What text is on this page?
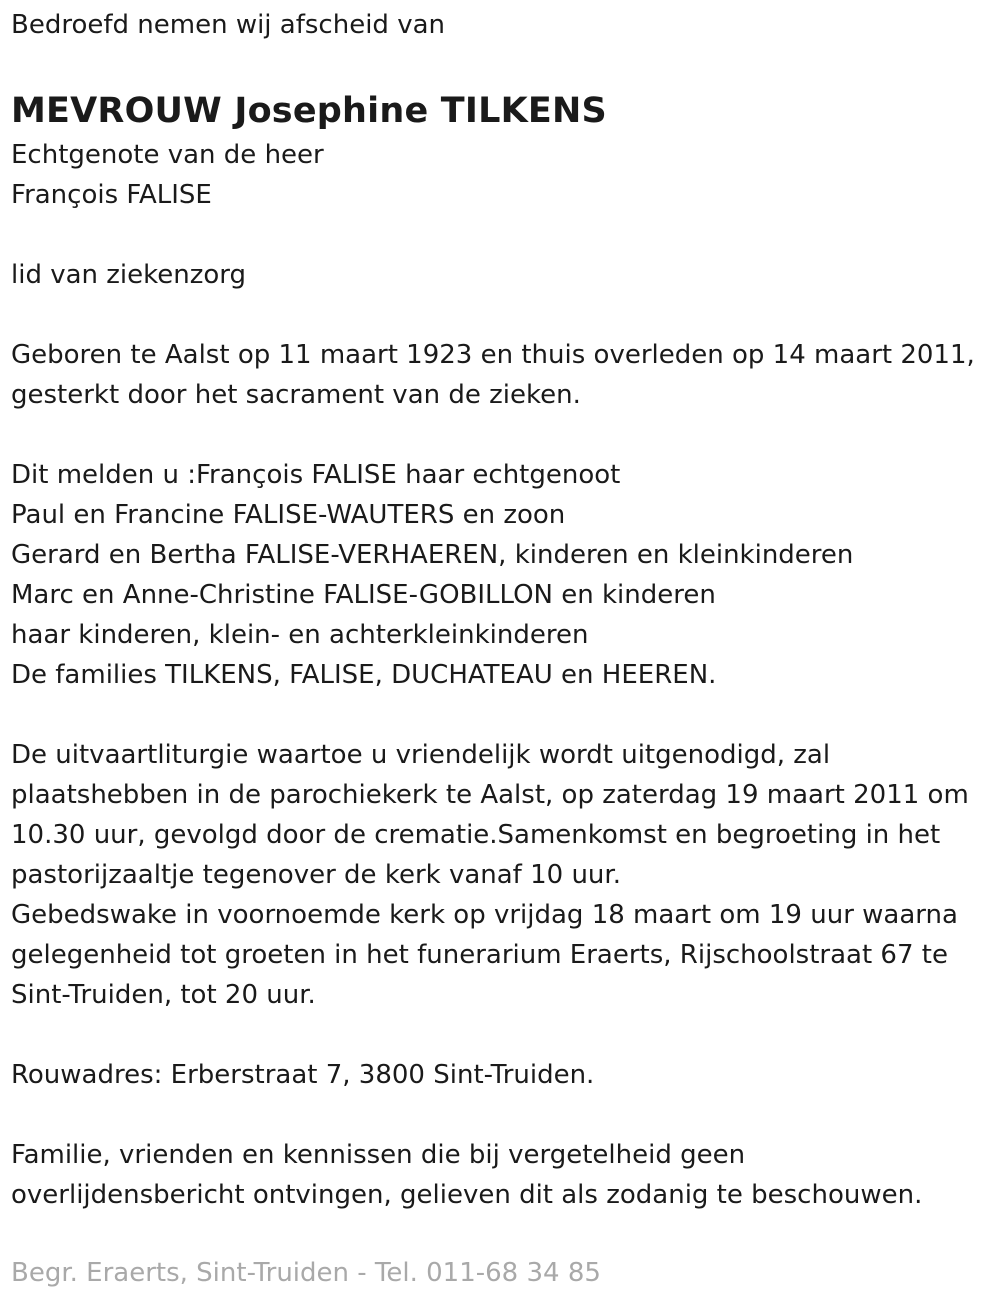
Bedroefd nemen wij afscheid van
MEVROUW Josephine TILKENS
Echtgenote van de heer
François FALISE
lid van ziekenzorg
Geboren te Aalst op 11 maart 1923 en thuis overleden op 14 maart 2011,
gesterkt door het sacrament van de zieken.
Dit melden u :François FALISE haar echtgenoot
Paul en Francine FALISE-WAUTERS en zoon
Gerard en Bertha FALISE-VERHAEREN, kinderen en kleinkinderen
Marc en Anne-Christine FALISE-GOBILLON en kinderen
haar kinderen, klein- en achterkleinkinderen
De families TILKENS, FALISE, DUCHATEAU en HEEREN.
De uitvaartliturgie waartoe u vriendelijk wordt uitgenodigd, zal
plaatshebben in de parochiekerk te Aalst, op zaterdag 19 maart 2011 om
10.30 uur, gevolgd door de crematie.Samenkomst en begroeting in het
pastorijzaaltje tegenover de kerk vanaf 10 uur.
Gebedswake in voornoemde kerk op vrijdag 18 maart om 19 uur waarna
gelegenheid tot groeten in het funerarium Eraerts, Rijschoolstraat 67 te
Sint-Truiden, tot 20 uur.
Rouwadres: Erberstraat 7, 3800 Sint-Truiden.
Familie, vrienden en kennissen die bij vergetelheid geen
overlijdensbericht ontvingen, gelieven dit als zodanig te beschouwen.
Begr. Eraerts, Sint-Truiden - Tel. 011-68 34 85
